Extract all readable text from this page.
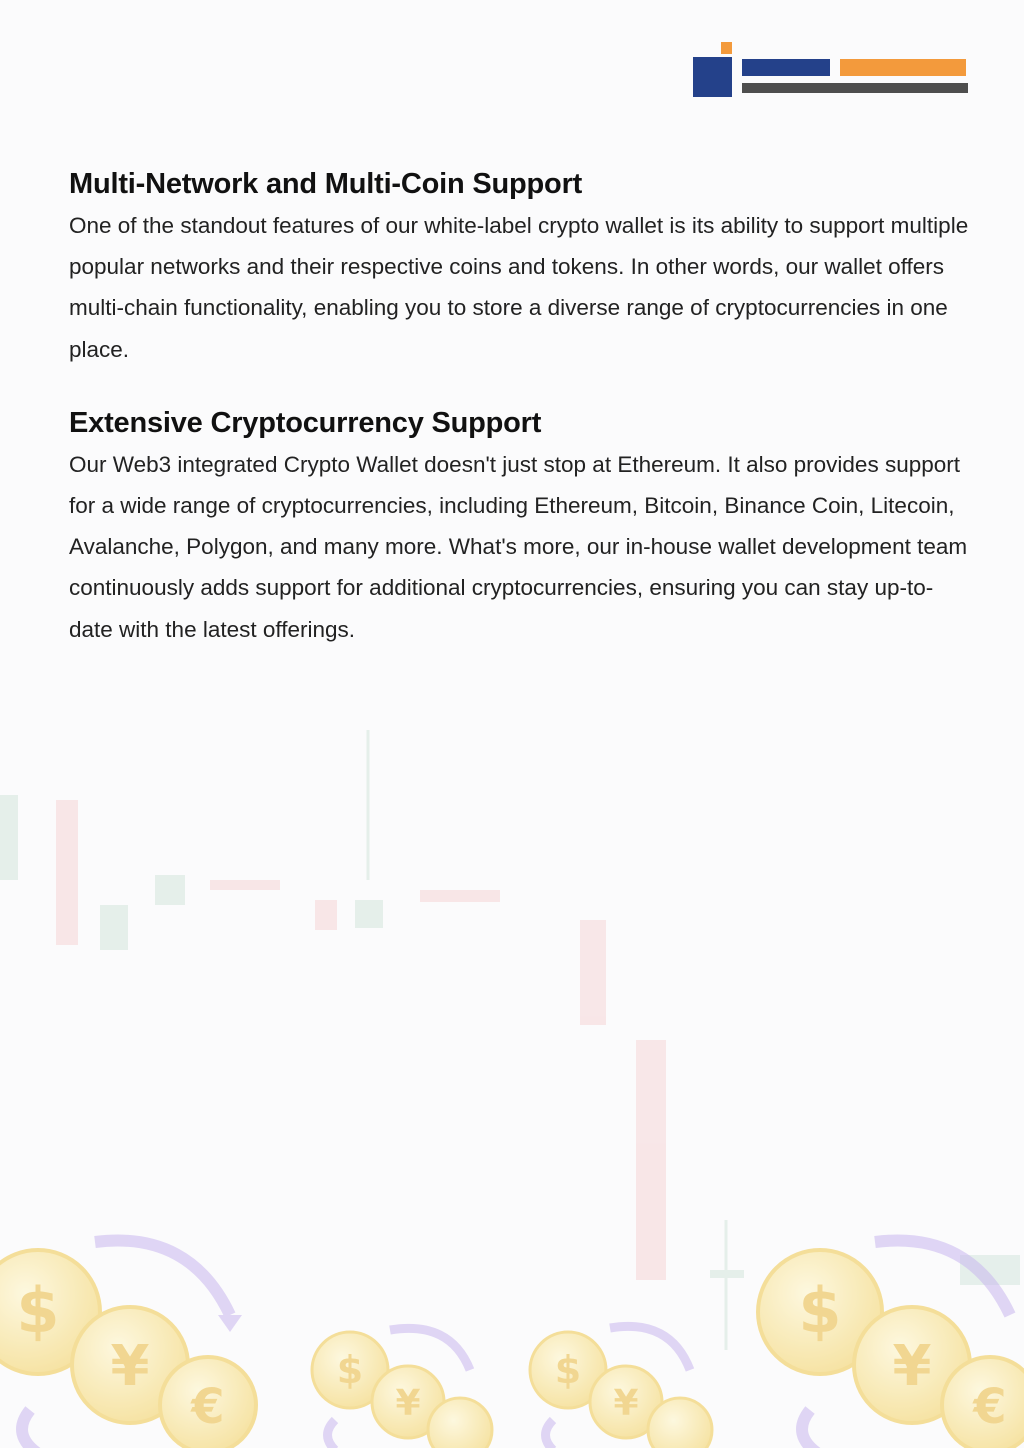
Multi-Network and Multi-Coin Support

One of the standout features of our white-label crypto wallet is its ability to support multiple popular networks and their respective coins and tokens. In other words, our wallet offers multi-chain functionality, enabling you to store a diverse range of cryptocurrencies in one place.

Extensive Cryptocurrency Support

Our Web3 integrated Crypto Wallet doesn't just stop at Ethereum. It also provides support for a wide range of cryptocurrencies, including Ethereum, Bitcoin, Binance Coin, Litecoin, Avalanche, Polygon, and many more. What's more, our in-house wallet development team continuously adds support for additional cryptocurrencies, ensuring you can stay up-to-date with the latest offerings.

$
¥
€
$
¥
$
¥
$
¥
€
